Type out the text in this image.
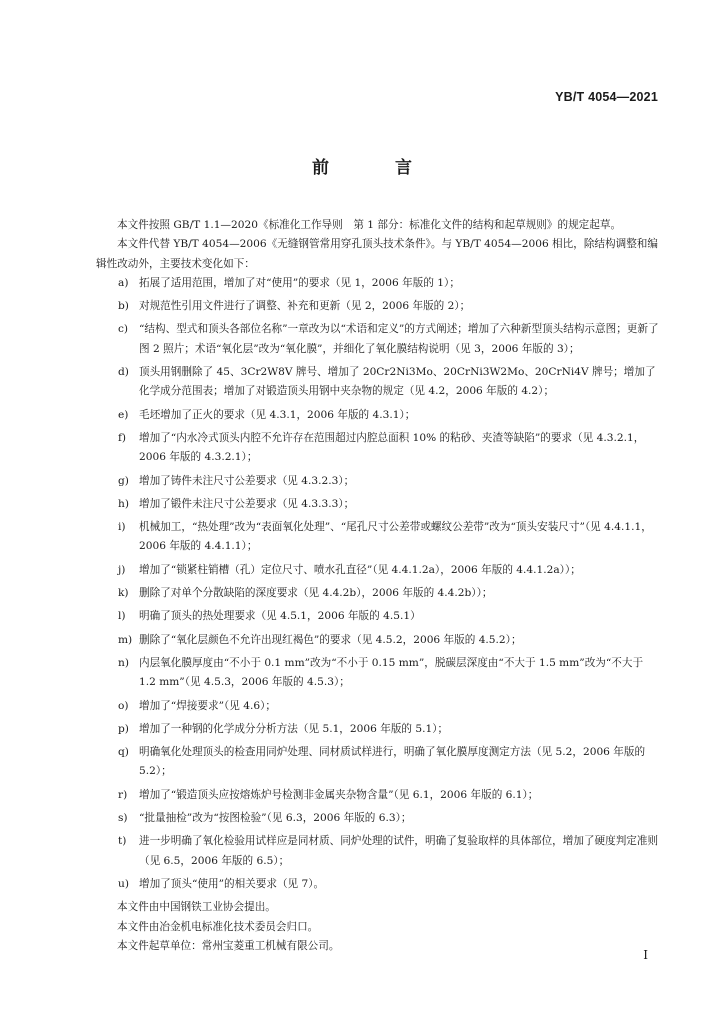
YB/T 4054—2021
前 言

本文件按照 GB/T 1.1—2020《标准化工作导则　第 1 部分：标准化文件的结构和起草规则》的规定起草。

本文件代替 YB/T 4054—2006《无缝钢管常用穿孔顶头技术条件》。与 YB/T 4054—2006 相比，除结构调整和编辑性改动外，主要技术变化如下：

a) 拓展了适用范围，增加了对“使用”的要求（见 1，2006 年版的 1）；
b) 对规范性引用文件进行了调整、补充和更新（见 2，2006 年版的 2）；
c)	“结构、型式和顶头各部位名称”一章改为以“术语和定义”的方式阐述；增加了六种新型顶头结构示意图；更新了图 2 照片；术语“氧化层”改为“氧化膜”，并细化了氧化膜结构说明（见 3，2006 年版的 3）；
d) 顶头用钢删除了 45、3Cr2W8V 牌号、增加了 20Cr2Ni3Mo、20CrNi3W2Mo、20CrNi4V 牌号；增加了化学成分范围表；增加了对锻造顶头用钢中夹杂物的规定（见 4.2，2006 年版的 4.2）；
e) 毛坯增加了正火的要求（见 4.3.1，2006 年版的 4.3.1）；
f)	增加了“内水冷式顶头内腔不允许存在范围超过内腔总面积 10% 的粘砂、夹渣等缺陷”的要求（见 4.3.2.1，2006 年版的 4.3.2.1）；
g) 增加了铸件未注尺寸公差要求（见 4.3.2.3）；
h) 增加了锻件未注尺寸公差要求（见 4.3.3.3）；
i)	机械加工，“热处理”改为“表面氧化处理”、“尾孔尺寸公差带或螺纹公差带”改为“顶头安装尺寸”（见 4.4.1.1，2006 年版的 4.4.1.1）；
j)	增加了“锁紧柱销槽（孔）定位尺寸、喷水孔直径”（见 4.4.1.2a），2006 年版的 4.4.1.2a））；
k) 删除了对单个分散缺陷的深度要求（见 4.4.2b），2006 年版的 4.4.2b））；
l)	明确了顶头的热处理要求（见 4.5.1，2006 年版的 4.5.1）
m) 删除了“氧化层颜色不允许出现红褐色”的要求（见 4.5.2，2006 年版的 4.5.2）；
n) 内层氧化膜厚度由“不小于 0.1 mm”改为“不小于 0.15 mm”，脱碳层深度由“不大于 1.5 mm”改为“不大于 1.2 mm”（见 4.5.3，2006 年版的 4.5.3）；
o) 增加了“焊接要求”（见 4.6）；
p) 增加了一种钢的化学成分分析方法（见 5.1，2006 年版的 5.1）；
q) 明确氧化处理顶头的检查用同炉处理、同材质试样进行，明确了氧化膜厚度测定方法（见 5.2，2006 年版的 5.2）；
r)	增加了“锻造顶头应按熔炼炉号检测非金属夹杂物含量”（见 6.1，2006 年版的 6.1）；
s)	“批量抽检”改为“按图检验”（见 6.3，2006 年版的 6.3）；
t)	进一步明确了氧化检验用试样应是同材质、同炉处理的试件，明确了复验取样的具体部位，增加了硬度判定准则（见 6.5，2006 年版的 6.5）；
u) 增加了顶头“使用”的相关要求（见 7）。

本文件由中国钢铁工业协会提出。

本文件由冶金机电标准化技术委员会归口。

本文件起草单位：常州宝菱重工机械有限公司。

I
